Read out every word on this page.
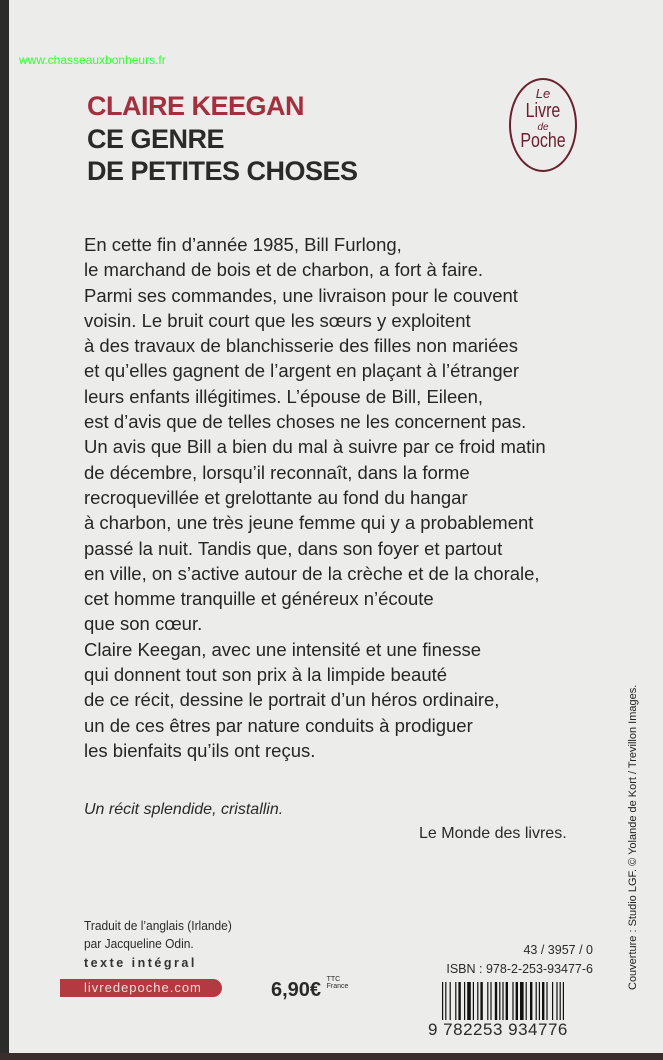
www.chasseauxbonheurs.fr
CLAIRE KEEGAN
CE GENRE
DE PETITES CHOSES
Le
Livre
de
Poche
En cette fin d’année 1985, Bill Furlong,
le marchand de bois et de charbon, a fort à faire.
Parmi ses commandes, une livraison pour le couvent
voisin. Le bruit court que les sœurs y exploitent
à des travaux de blanchisserie des filles non mariées
et qu’elles gagnent de l’argent en plaçant à l’étranger
leurs enfants illégitimes. L’épouse de Bill, Eileen,
est d’avis que de telles choses ne les concernent pas.
Un avis que Bill a bien du mal à suivre par ce froid matin
de décembre, lorsqu’il reconnaît, dans la forme
recroquevillée et grelottante au fond du hangar
à charbon, une très jeune femme qui y a probablement
passé la nuit. Tandis que, dans son foyer et partout
en ville, on s’active autour de la crèche et de la chorale,
cet homme tranquille et généreux n’écoute
que son cœur.
Claire Keegan, avec une intensité et une finesse
qui donnent tout son prix à la limpide beauté
de ce récit, dessine le portrait d’un héros ordinaire,
un de ces êtres par nature conduits à prodiguer
les bienfaits qu’ils ont reçus.
Un récit splendide, cristallin.
Le Monde des livres.
Traduit de l’anglais (Irlande)
par Jacqueline Odin.
texte intégral
livredepoche.com	6,90€ TTC
France
43 / 3957 / 0
ISBN : 978-2-253-93477-6
9 782253 934776
Couverture : Studio LGF. © Yolande de Kort / Trevillon Images.
